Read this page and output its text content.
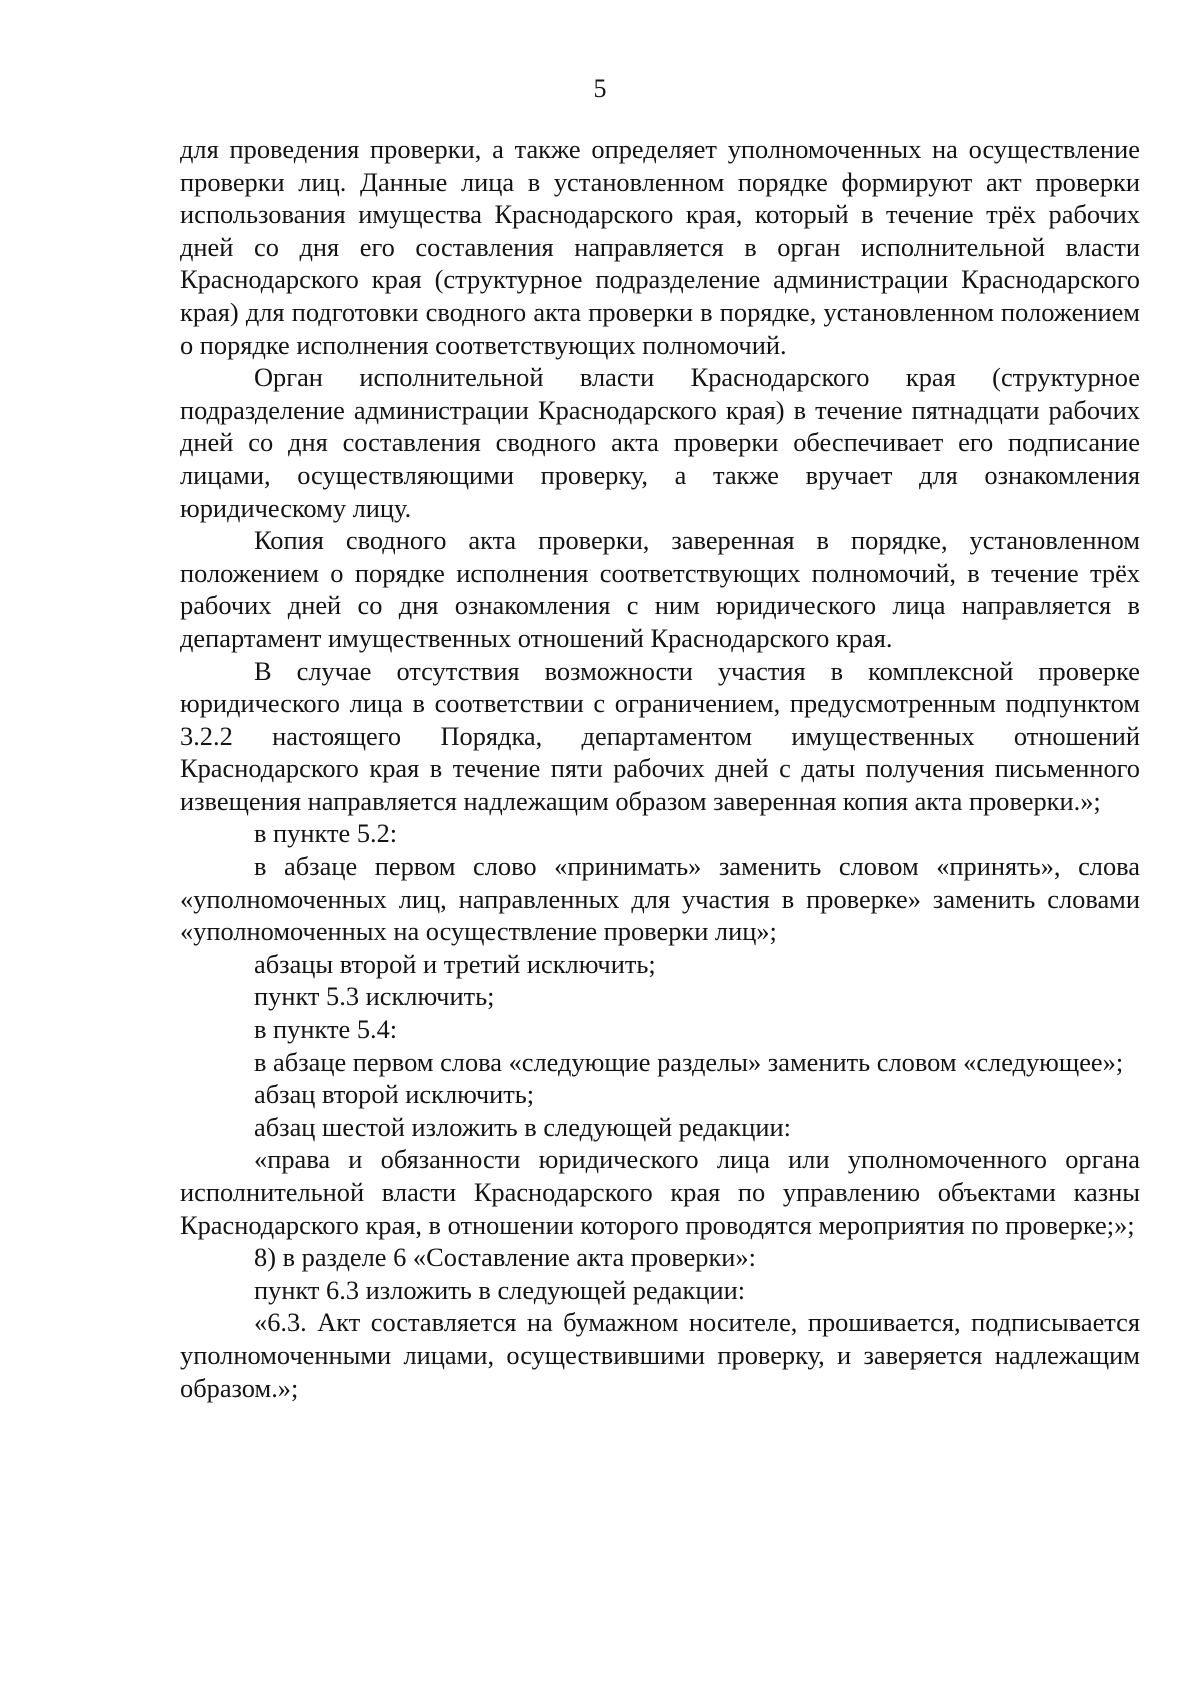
5

для проведения проверки, а также определяет уполномоченных на осуществление проверки лиц. Данные лица в установленном порядке формируют акт проверки использования имущества Краснодарского края, который в течение трёх рабочих дней со дня его составления направляется в орган исполнительной власти Краснодарского края (структурное подразделение администрации Краснодарского края) для подготовки сводного акта проверки в порядке, установленном положением о порядке исполнения соответствующих полномочий.

Орган исполнительной власти Краснодарского края (структурное подразделение администрации Краснодарского края) в течение пятнадцати рабочих дней со дня составления сводного акта проверки обеспечивает его подписание лицами, осуществляющими проверку, а также вручает для ознакомления юридическому лицу.

Копия сводного акта проверки, заверенная в порядке, установленном положением о порядке исполнения соответствующих полномочий, в течение трёх рабочих дней со дня ознакомления с ним юридического лица направляется в департамент имущественных отношений Краснодарского края.

В случае отсутствия возможности участия в комплексной проверке юридического лица в соответствии с ограничением, предусмотренным подпунктом 3.2.2 настоящего Порядка, департаментом имущественных отношений Краснодарского края в течение пяти рабочих дней с даты получения письменного извещения направляется надлежащим образом заверенная копия акта проверки.»;

в пункте 5.2:

в абзаце первом слово «принимать» заменить словом «принять», слова «уполномоченных лиц, направленных для участия в проверке» заменить словами «уполномоченных на осуществление проверки лиц»;

абзацы второй и третий исключить;

пункт 5.3 исключить;

в пункте 5.4:

в абзаце первом слова «следующие разделы» заменить словом «следующее»;

абзац второй исключить;

абзац шестой изложить в следующей редакции:

«права и обязанности юридического лица или уполномоченного органа исполнительной власти Краснодарского края по управлению объектами казны Краснодарского края, в отношении которого проводятся мероприятия по проверке;»;

8) в разделе 6 «Составление акта проверки»:

пункт 6.3 изложить в следующей редакции:

«6.3. Акт составляется на бумажном носителе, прошивается, подписывается уполномоченными лицами, осуществившими проверку, и заверяется надлежащим образом.»;
